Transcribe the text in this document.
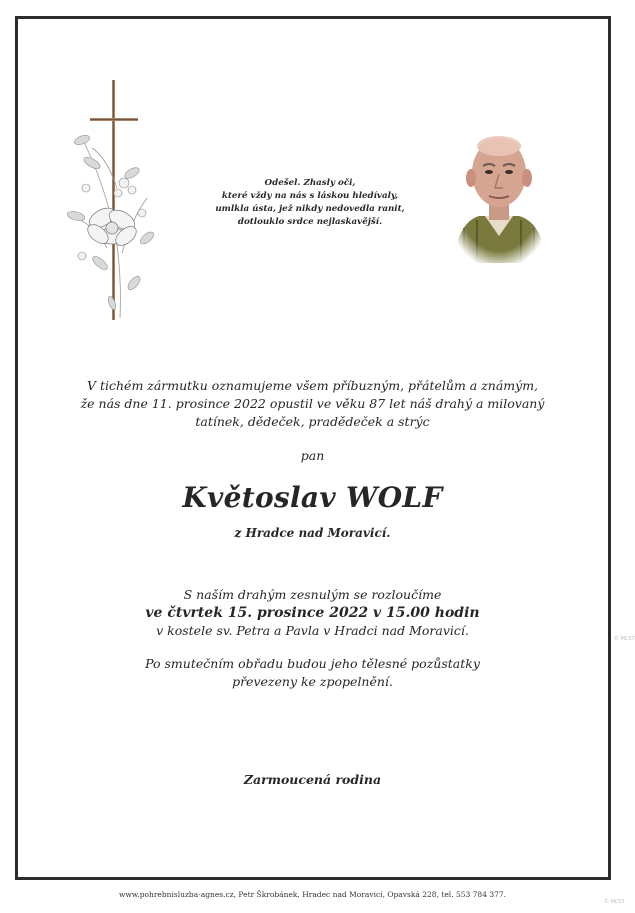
Odešel. Zhasly oči,
které vždy na nás s láskou hledívaly,
umlkla ústa, jež nikdy nedovedla ranit,
dotlouklo srdce nejlaskavější.
V tichém zármutku oznamujeme všem příbuzným, přátelům a známým,
že nás dne 11. prosince 2022 opustil ve věku 87 let náš drahý a milovaný
tatínek, dědeček, pradědeček a strýc
pan
Květoslav WOLF
z Hradce nad Moravicí.
S naším drahým zesnulým se rozloučíme
ve čtvrtek 15. prosince 2022 v 15.00 hodin
v kostele sv. Petra a Pavla v Hradci nad Moravicí.
Po smutečním obřadu budou jeho tělesné pozůstatky
převezeny ke zpopelnění.
Zarmoucená rodina
www.pohrebnisluzba-agnes.cz, Petr Škrobánek, Hradec nad Moravicí, Opavská 228, tel. 553 784 377.
© MCST
© MCST
